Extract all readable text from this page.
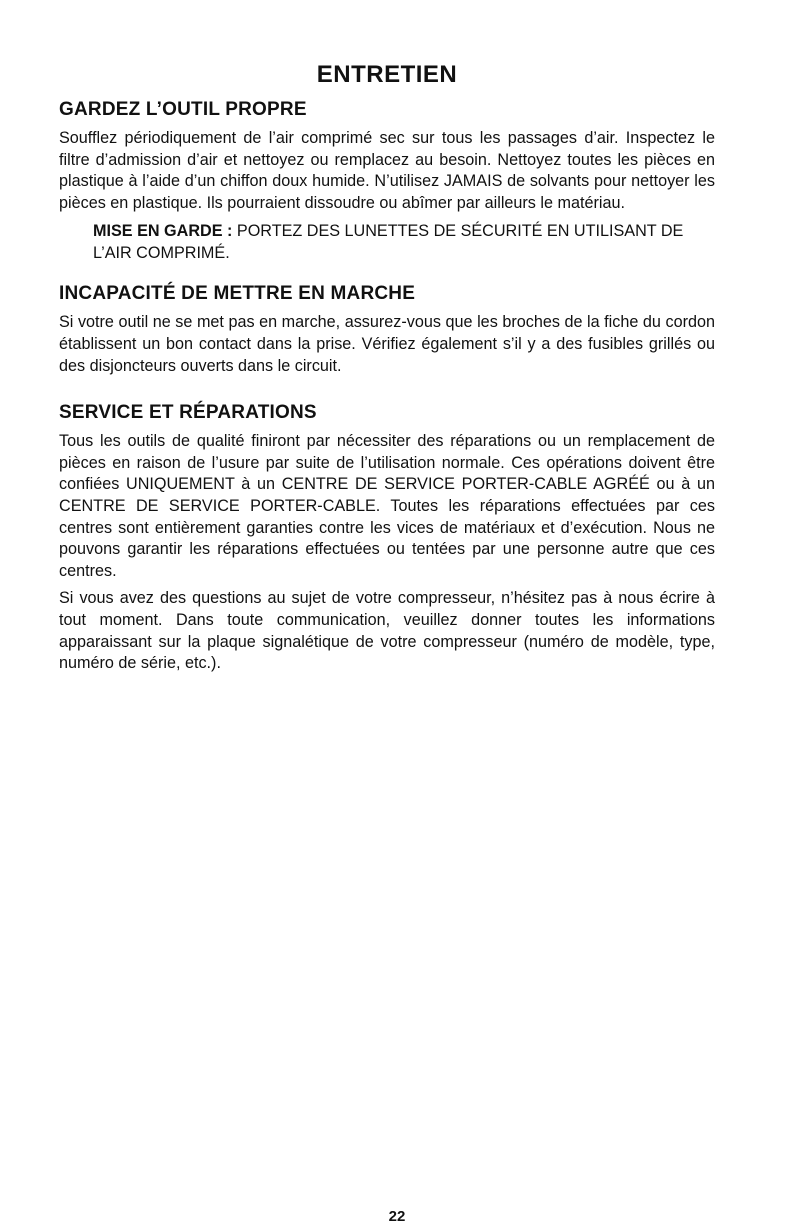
ENTRETIEN
GARDEZ L’OUTIL PROPRE

Soufflez périodiquement de l’air comprimé sec sur tous les passages d’air. Inspectez le filtre d’admission d’air et nettoyez ou remplacez au besoin. Nettoyez toutes les pièces en plastique à l’aide d’un chiffon doux humide. N’utilisez JAMAIS de solvants pour nettoyer les pièces en plastique. Ils pourraient dissoudre ou abîmer par ailleurs le matériau.

MISE EN GARDE : PORTEZ DES LUNETTES DE SÉCURITÉ EN UTILISANT DE L’AIR COMPRIMÉ.
INCAPACITÉ DE METTRE EN MARCHE

Si votre outil ne se met pas en marche, assurez-vous que les broches de la fiche du cordon établissent un bon contact dans la prise. Vérifiez également s’il y a des fusibles grillés ou des disjoncteurs ouverts dans le circuit.

SERVICE ET RÉPARATIONS

Tous les outils de qualité finiront par nécessiter des réparations ou un remplacement de pièces en raison de l’usure par suite de l’utilisation normale. Ces opérations doivent être confiées UNIQUEMENT à un CENTRE DE SERVICE PORTER-CABLE AGRÉÉ ou à un CENTRE DE SERVICE PORTER-CABLE. Toutes les réparations effectuées par ces centres sont entièrement garanties contre les vices de matériaux et d’exécution. Nous ne pouvons garantir les réparations effectuées ou tentées par une personne autre que ces centres.

Si vous avez des questions au sujet de votre compresseur, n’hésitez pas à nous écrire à tout moment. Dans toute communication, veuillez donner toutes les informations apparaissant sur la plaque signalétique de votre compresseur (numéro de modèle, type, numéro de série, etc.).

22
